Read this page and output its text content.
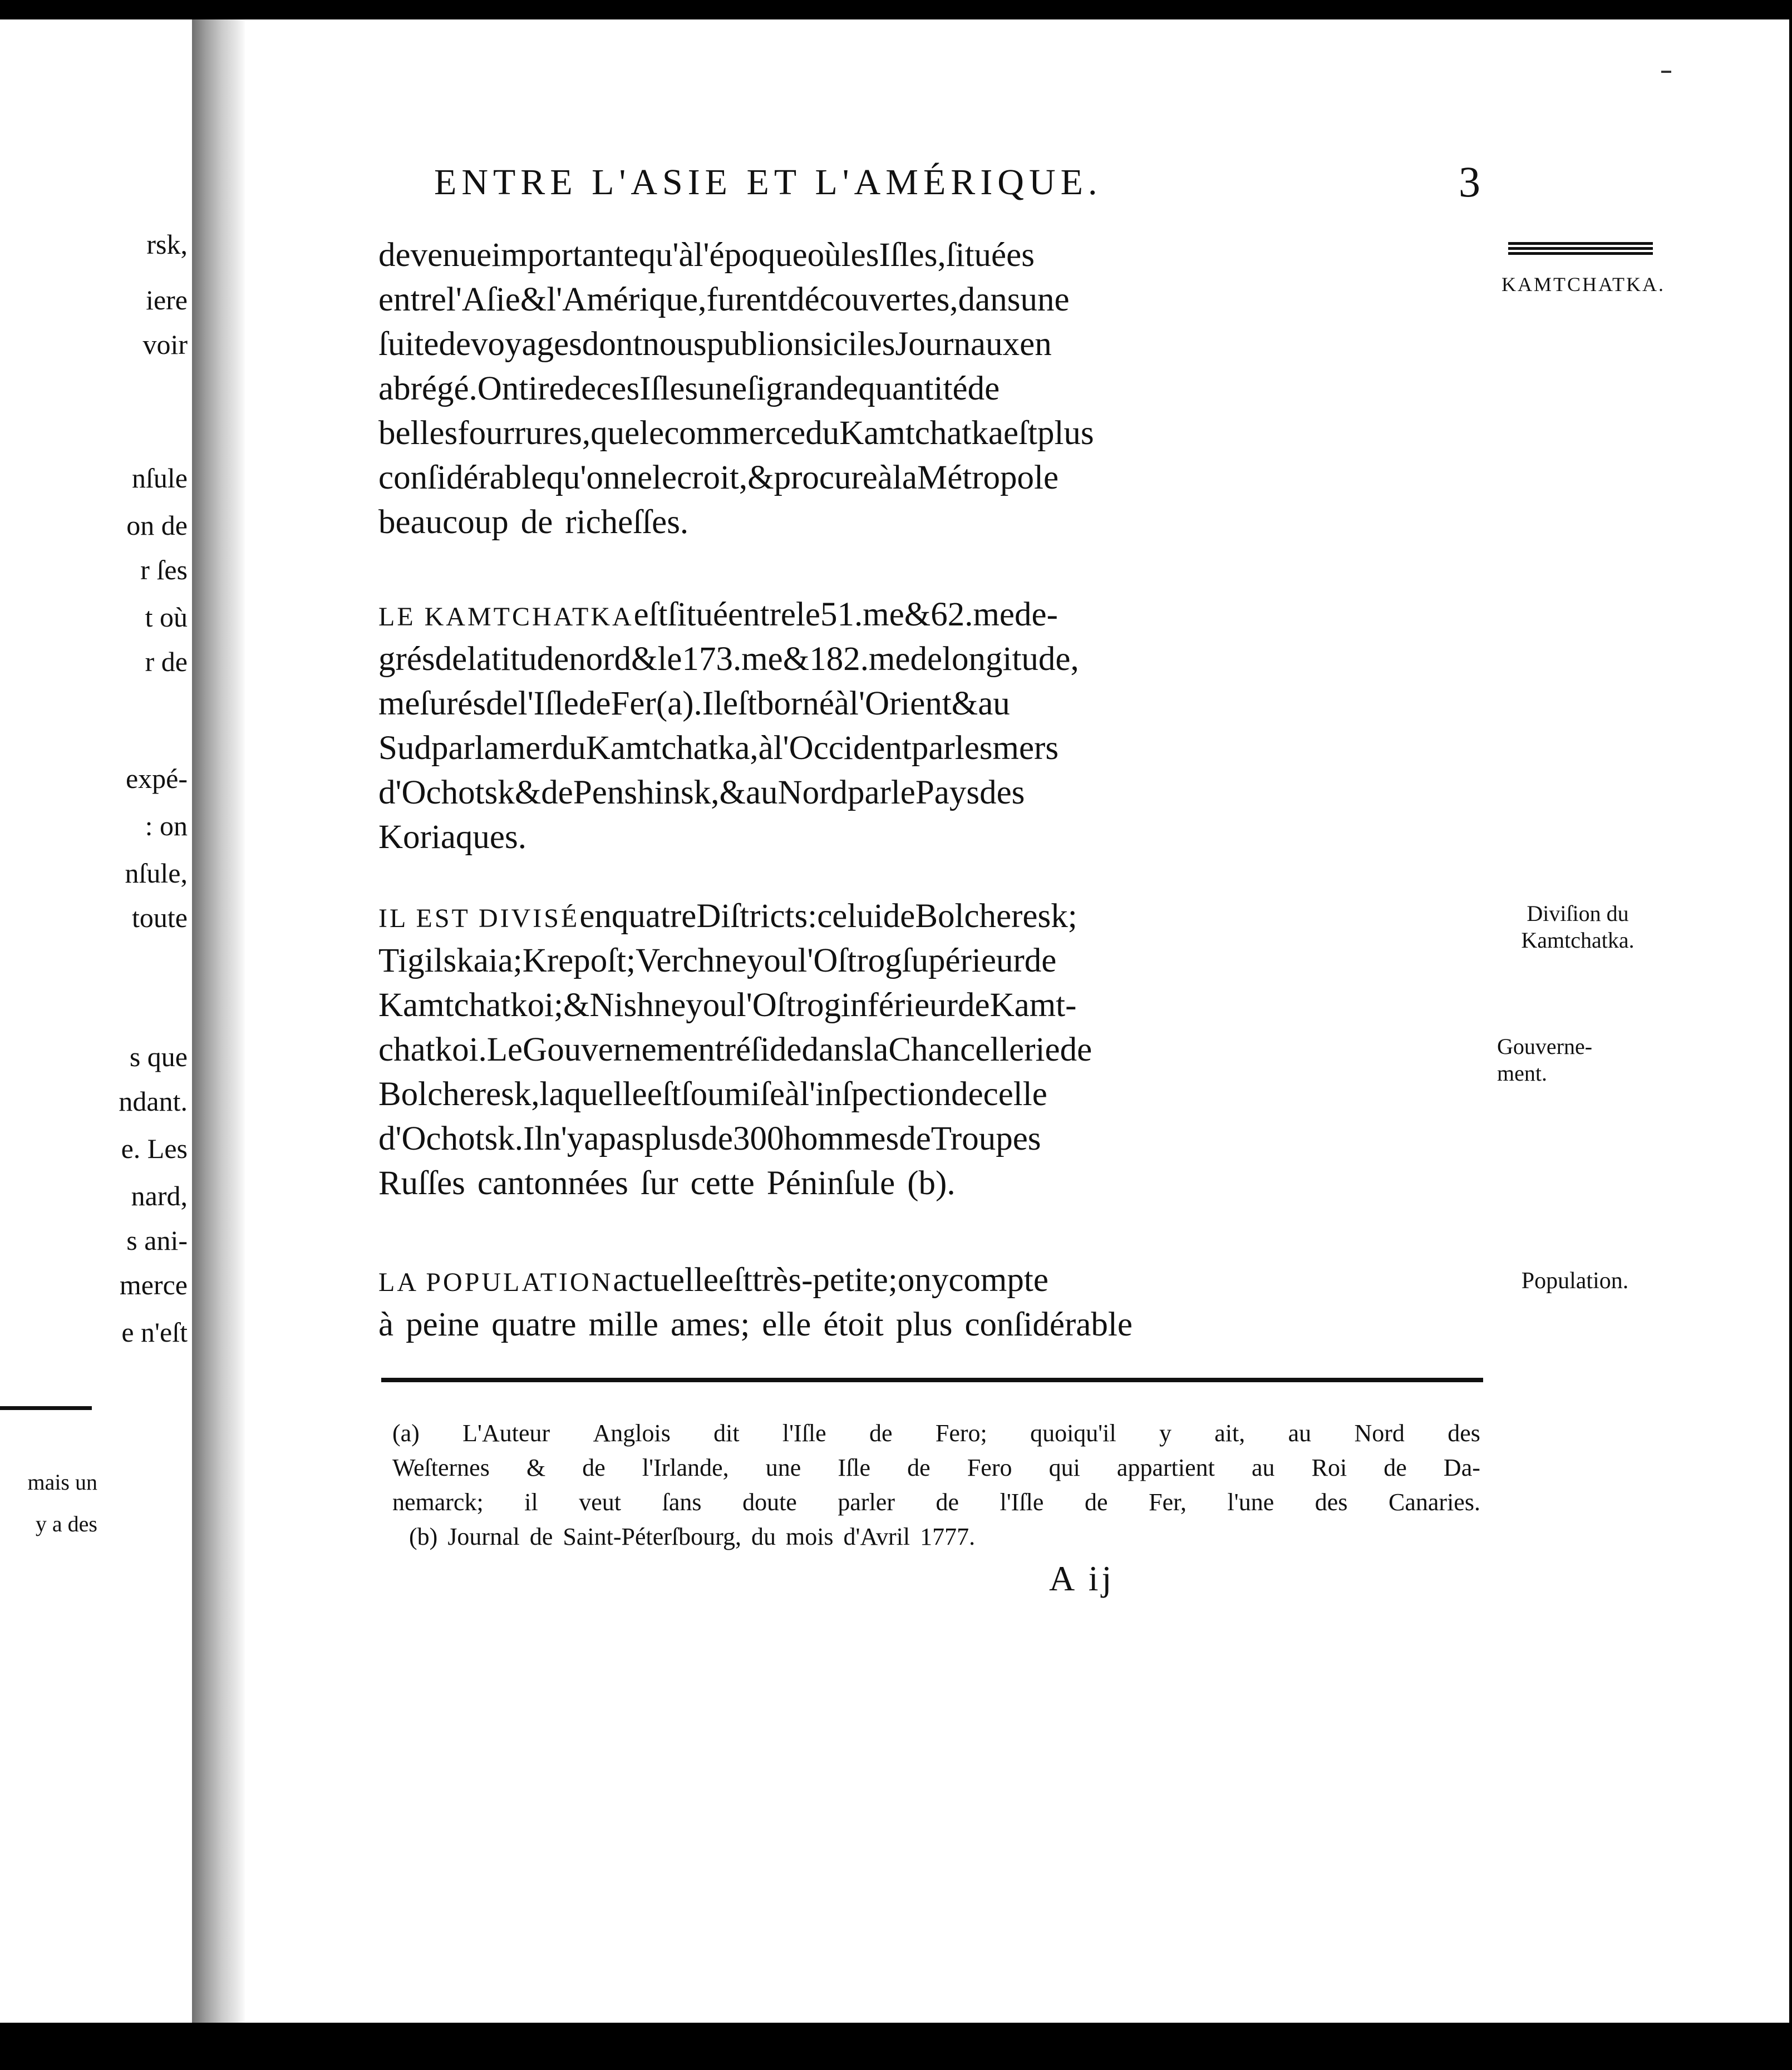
rsk,
iere
voir
nſule
on de
r ſes
t où
r de
expé-
: on
nſule,
toute
s que
ndant.
e. Les
nard,
s ani-
merce
e n'eſt
mais un
y a des
ENTRE L'ASIE ET L'AMÉRIQUE.	3
devenueimportantequ'àl'époqueoùlesIſles,ſituées
entrel'Aſie&l'Amérique,furentdécouvertes,dansune
ſuitedevoyagesdontnouspublionsicilesJournauxen
abrégé.OntiredecesIſlesuneſigrandequantitéde
bellesfourrures,quelecommerceduKamtchatkaeſtplus
conſidérablequ'onnelecroit,&procureàlaMétropole
beaucoup de richeſſes.
LE KAMTCHATKAeſtſituéentrele51.me&62.mede-
grésdelatitudenord&le173.me&182.medelongitude,
meſurésdel'IſledeFer(a).Ileſtbornéàl'Orient&au
SudparlamerduKamtchatka,àl'Occidentparlesmers
d'Ochotsk&dePenshinsk,&auNordparlePaysdes
Koriaques.
IL EST DIVISÉenquatreDiſtricts:celuideBolcheresk;
Tigilskaia;Krepoſt;Verchneyoul'Oſtrogſupérieurde
Kamtchatkoi;&Nishneyoul'OſtroginférieurdeKamt-
chatkoi.LeGouvernementréſidedanslaChancelleriede
Bolcheresk,laquelleeſtſoumiſeàl'inſpectiondecelle
d'Ochotsk.Iln'yapasplusde300hommesdeTroupes
Ruſſes cantonnées ſur cette Péninſule (b).
LA POPULATIONactuelleeſttrès-petite;onycompte
à peine quatre mille ames; elle étoit plus conſidérable
KAMTCHATKA.
Diviſion du
Kamtchatka.
Gouverne-
ment.
Population.
(a) L'Auteur Anglois dit l'Iſle de Fero; quoiqu'il y ait, au Nord des
Weſternes & de l'Irlande, une Iſle de Fero qui appartient au Roi de Da-
nemarck; il veut ſans doute parler de l'Iſle de Fer, l'une des Canaries.
(b) Journal de Saint-Péterſbourg, du mois d'Avril 1777.
A ij
